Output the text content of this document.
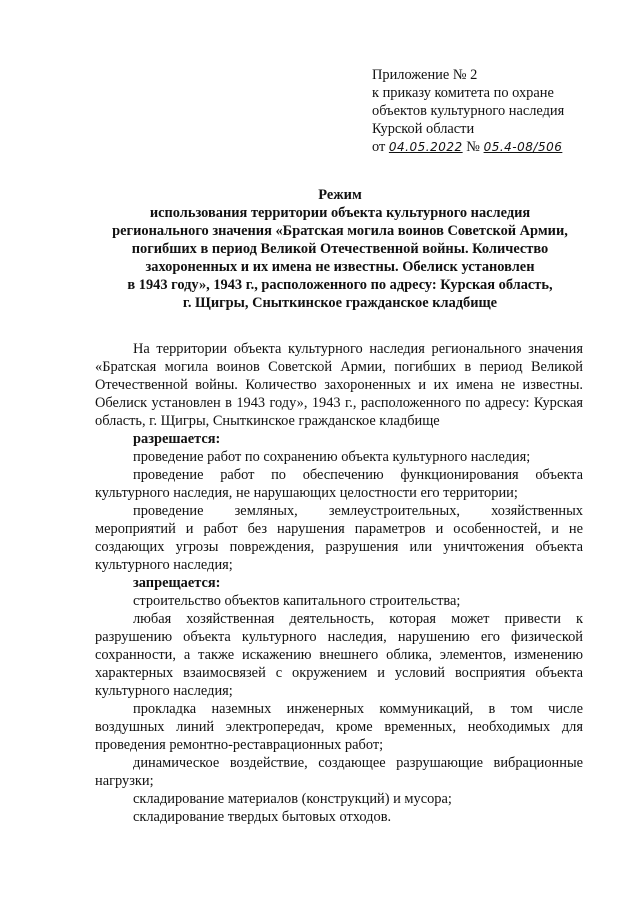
Приложение № 2
к приказу комитета по охране
объектов культурного наследия
Курской области
от 04.05.2022 № 05.4-08/506
Режим
использования территории объекта культурного наследия
регионального значения «Братская могила воинов Советской Армии,
погибших в период Великой Отечественной войны. Количество
захороненных и их имена не известны. Обелиск установлен
в 1943 году», 1943 г., расположенного по адресу: Курская область,
г. Щигры, Сныткинское гражданское кладбище

На территории объекта культурного наследия регионального значения «Братская могила воинов Советской Армии, погибших в период Великой Отечественной войны. Количество захороненных и их имена не известны. Обелиск установлен в 1943 году», 1943 г., расположенного по адресу: Курская область, г. Щигры, Сныткинское гражданское кладбище

разрешается:

проведение работ по сохранению объекта культурного наследия;

проведение работ по обеспечению функционирования объекта культурного наследия, не нарушающих целостности его территории;

проведение земляных, землеустроительных, хозяйственных мероприятий и работ без нарушения параметров и особенностей, и не создающих угрозы повреждения, разрушения или уничтожения объекта культурного наследия;

запрещается:

строительство объектов капитального строительства;

любая хозяйственная деятельность, которая может привести к разрушению объекта культурного наследия, нарушению его физической сохранности, а также искажению внешнего облика, элементов, изменению характерных взаимосвязей с окружением и условий восприятия объекта культурного наследия;

прокладка наземных инженерных коммуникаций, в том числе воздушных линий электропередач, кроме временных, необходимых для проведения ремонтно-реставрационных работ;

динамическое воздействие, создающее разрушающие вибрационные нагрузки;

складирование материалов (конструкций) и мусора;

складирование твердых бытовых отходов.
